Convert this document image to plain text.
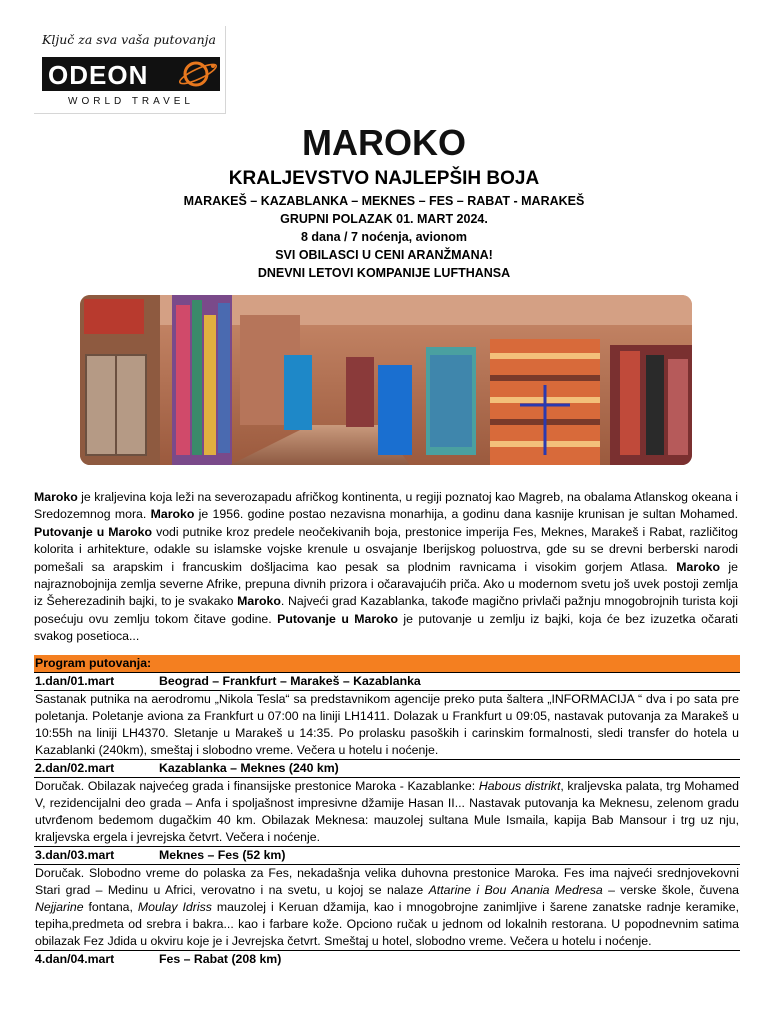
Ključ za sva vaša putovanja
ODEON
WORLD TRAVEL
MAROKO
KRALJEVSTVO NAJLEPŠIH BOJA
MARAKEŠ – KAZABLANKA – MEKNES – FES – RABAT - MARAKEŠ
GRUPNI POLAZAK 01. MART 2024.
8 dana / 7 noćenja, avionom
SVI OBILASCI U CENI ARANŽMANA!
DNEVNI LETOVI KOMPANIJE LUFTHANSA
Maroko je kraljevina koja leži na severozapadu afričkog kontinenta, u regiji poznatoj kao Magreb, na obalama Atlanskog okeana i Sredozemnog mora. Maroko je 1956. godine postao nezavisna monarhija, a godinu dana kasnije krunisan je sultan Mohamed. Putovanje u Maroko vodi putnike kroz predele neočekivanih boja, prestonice imperija Fes, Meknes, Marakeš i Rabat, različitog kolorita i arhitekture, odakle su islamske vojske krenule u osvajanje Iberijskog poluostrva, gde su se drevni berberski narodi pomešali sa arapskim i francuskim došljacima kao pesak sa plodnim ravnicama i visokim gorjem Atlasa. Maroko je najraznobojnija zemlja severne Afrike, prepuna divnih prizora i očaravajućih priča. Ako u modernom svetu još uvek postoji zemlja iz Šeherezadinih bajki, to je svakako Maroko. Najveći grad Kazablanka, takođe magično privlači pažnju mnogobrojnih turista koji posećuju ovu zemlju tokom čitave godine. Putovanje u Maroko je putovanje u zemlju iz bajki, koja će bez izuzetka očarati svakog posetioca...
Program putovanja:
1.dan/01.mart	Beograd – Frankfurt – Marakeš – Kazablanka
Sastanak putnika na aerodromu „Nikola Tesla“ sa predstavnikom agencije preko puta šaltera „INFORMACIJA “ dva i po sata pre poletanja. Poletanje aviona za Frankfurt u 07:00 na liniji LH1411. Dolazak u Frankfurt u 09:05, nastavak putovanja za Marakeš u 10:55h na liniji LH4370. Sletanje u Marakeš u 14:35. Po prolasku pasoških i carinskim formalnosti, sledi transfer do hotela u Kazablanki (240km), smeštaj i slobodno vreme. Večera u hotelu i noćenje.
2.dan/02.mart	Kazablanka – Meknes (240 km)
Doručak. Obilazak najvećeg grada i finansijske prestonice Maroka - Kazablanke: Habous distrikt, kraljevska palata, trg Mohamed V, rezidencijalni deo grada – Anfa i spoljašnost impresivne džamije Hasan II... Nastavak putovanja ka Meknesu, zelenom gradu utvrđenom bedemom dugačkim 40 km. Obilazak Meknesa: mauzolej sultana Mule Ismaila, kapija Bab Mansour i trg uz nju, kraljevska ergela i jevrejska četvrt. Večera i noćenje.
3.dan/03.mart	Meknes – Fes (52 km)
Doručak. Slobodno vreme do polaska za Fes, nekadašnja velika duhovna prestonice Maroka. Fes ima najveći srednjovekovni Stari grad – Medinu u Africi, verovatno i na svetu, u kojoj se nalaze Attarine i Bou Anania Medresa – verske škole, čuvena Nejjarine fontana, Moulay Idriss mauzolej i Keruan džamija, kao i mnogobrojne zanimljive i šarene zanatske radnje keramike, tepiha,predmeta od srebra i bakra... kao i farbare kože. Opciono ručak u jednom od lokalnih restorana. U popodnevnim satima obilazak Fez Jdida u okviru koje je i Jevrejska četvrt. Smeštaj u hotel, slobodno vreme. Večera u hotelu i noćenje.
4.dan/04.mart	Fes – Rabat (208 km)
